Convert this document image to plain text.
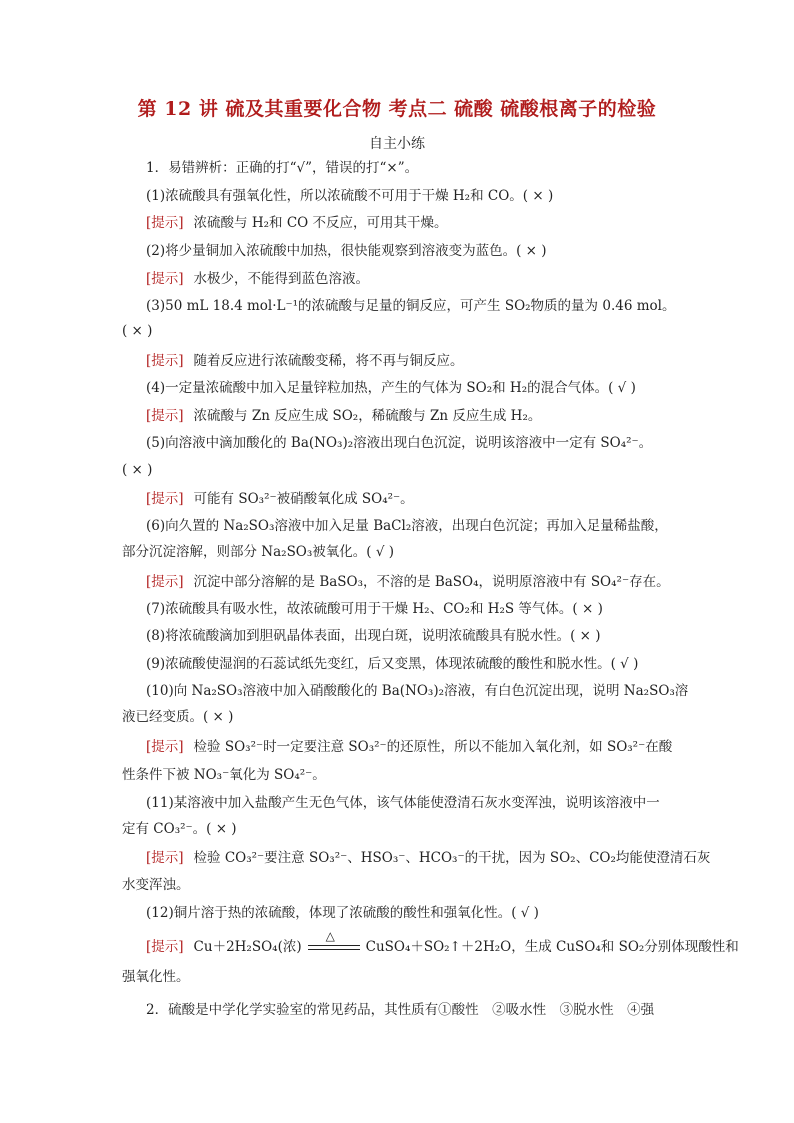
第 12 讲 硫及其重要化合物 考点二 硫酸 硫酸根离子的检验
自主小练
1．易错辨析：正确的打“√”，错误的打“×”。
(1)浓硫酸具有强氧化性，所以浓硫酸不可用于干燥 H₂和 CO。( × )
[提示] 浓硫酸与 H₂和 CO 不反应，可用其干燥。
(2)将少量铜加入浓硫酸中加热，很快能观察到溶液变为蓝色。( × )
[提示] 水极少，不能得到蓝色溶液。
(3)50 mL 18.4 mol·L⁻¹的浓硫酸与足量的铜反应，可产生 SO₂物质的量为 0.46 mol。
( × )
[提示] 随着反应进行浓硫酸变稀，将不再与铜反应。
(4)一定量浓硫酸中加入足量锌粒加热，产生的气体为 SO₂和 H₂的混合气体。( √ )
[提示] 浓硫酸与 Zn 反应生成 SO₂，稀硫酸与 Zn 反应生成 H₂。
(5)向溶液中滴加酸化的 Ba(NO₃)₂溶液出现白色沉淀，说明该溶液中一定有 SO₄²⁻。
( × )
[提示] 可能有 SO₃²⁻被硝酸氧化成 SO₄²⁻。
(6)向久置的 Na₂SO₃溶液中加入足量 BaCl₂溶液，出现白色沉淀；再加入足量稀盐酸，
部分沉淀溶解，则部分 Na₂SO₃被氧化。( √ )
[提示] 沉淀中部分溶解的是 BaSO₃，不溶的是 BaSO₄，说明原溶液中有 SO₄²⁻存在。
(7)浓硫酸具有吸水性，故浓硫酸可用于干燥 H₂、CO₂和 H₂S 等气体。( × )
(8)将浓硫酸滴加到胆矾晶体表面，出现白斑，说明浓硫酸具有脱水性。( × )
(9)浓硫酸使湿润的石蕊试纸先变红，后又变黑，体现浓硫酸的酸性和脱水性。( √ )
(10)向 Na₂SO₃溶液中加入硝酸酸化的 Ba(NO₃)₂溶液，有白色沉淀出现，说明 Na₂SO₃溶
液已经变质。( × )
[提示] 检验 SO₃²⁻时一定要注意 SO₃²⁻的还原性，所以不能加入氧化剂，如 SO₃²⁻在酸
性条件下被 NO₃⁻氧化为 SO₄²⁻。
(11)某溶液中加入盐酸产生无色气体，该气体能使澄清石灰水变浑浊，说明该溶液中一
定有 CO₃²⁻。( × )
[提示] 检验 CO₃²⁻要注意 SO₃²⁻、HSO₃⁻、HCO₃⁻的干扰，因为 SO₂、CO₂均能使澄清石灰
水变浑浊。
(12)铜片溶于热的浓硫酸，体现了浓硫酸的酸性和强氧化性。( √ )
[提示] Cu＋2H₂SO₄(浓)
△
CuSO₄＋SO₂↑＋2H₂O，生成 CuSO₄和 SO₂分别体现酸性和
强氧化性。
2．硫酸是中学化学实验室的常见药品，其性质有①酸性　②吸水性　③脱水性　④强
